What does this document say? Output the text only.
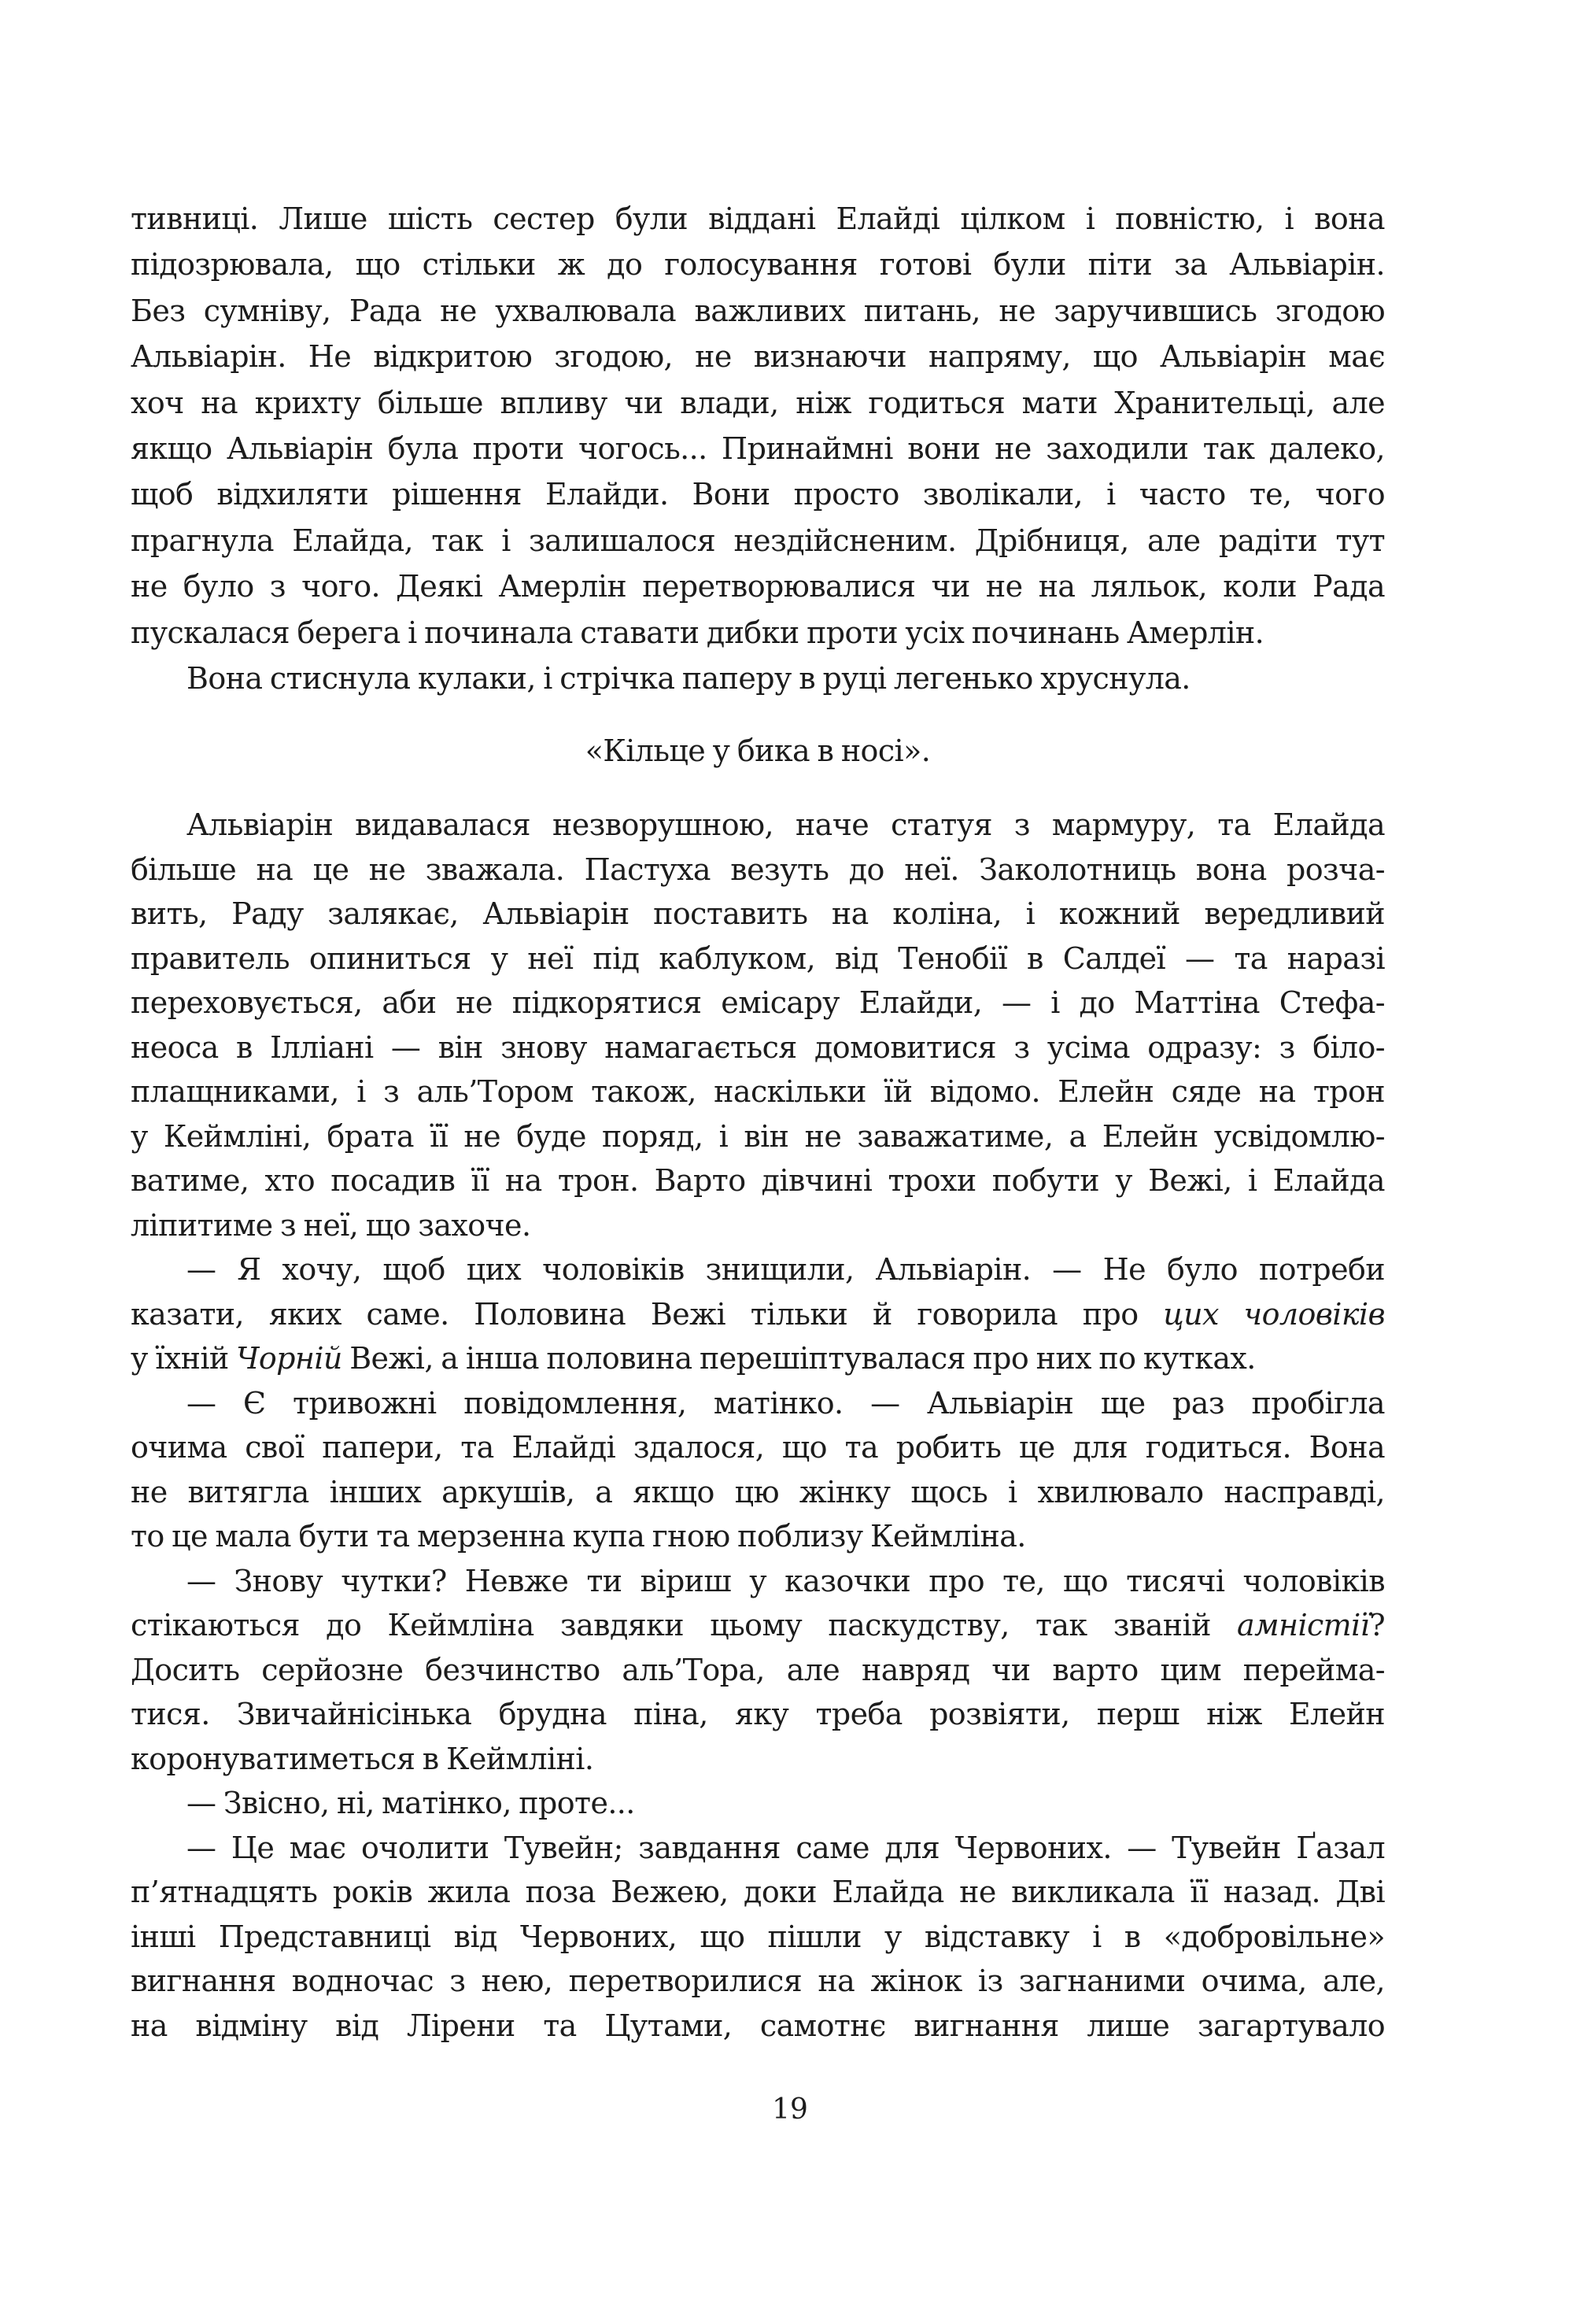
тивниці. Лише шість сестер були віддані Елайді цілком і повністю, і вона
підозрювала, що стільки ж до голосування готові були піти за Альвіарін.
Без сумніву, Рада не ухвалювала важливих питань, не заручившись згодою
Альвіарін. Не відкритою згодою, не визнаючи напряму, що Альвіарін має
хоч на крихту більше впливу чи влади, ніж годиться мати Хранительці, але
якщо Альвіарін була проти чогось... Принаймні вони не заходили так далеко,
щоб відхиляти рішення Елайди. Вони просто зволікали, і часто те, чого
прагнула Елайда, так і залишалося нездійсненим. Дрібниця, але радіти тут
не було з чого. Деякі Амерлін перетворювалися чи не на ляльок, коли Рада
пускалася берега і починала ставати дибки проти усіх починань Амерлін.
Вона стиснула кулаки, і стрічка паперу в руці легенько хруснула.
«Кільце у бика в носі».
Альвіарін видавалася незворушною, наче статуя з мармуру, та Елайда
більше на це не зважала. Пастуха везуть до неї. Заколотниць вона розча-
вить, Раду залякає, Альвіарін поставить на коліна, і кожний вередливий
правитель опиниться у неї під каблуком, від Тенобії в Салдеї — та наразі
переховується, аби не підкорятися емісару Елайди, — і до Маттіна Стефа-
неоса в Ілліані — він знову намагається домовитися з усіма одразу: з біло-
плащниками, і з аль’Тором також, наскільки їй відомо. Елейн сяде на трон
у Кеймліні, брата її не буде поряд, і він не заважатиме, а Елейн усвідомлю-
ватиме, хто посадив її на трон. Варто дівчині трохи побути у Вежі, і Елайда
ліпитиме з неї, що захоче.
— Я хочу, щоб цих чоловіків знищили, Альвіарін. — Не було потреби
казати, яких саме. Половина Вежі тільки й говорила про цих чоловіків
у їхній Чорній Вежі, а інша половина перешіптувалася про них по кутках.
— Є тривожні повідомлення, матінко. — Альвіарін ще раз пробігла
очима свої папери, та Елайді здалося, що та робить це для годиться. Вона
не витягла інших аркушів, а якщо цю жінку щось і хвилювало насправді,
то це мала бути та мерзенна купа гною поблизу Кеймліна.
— Знову чутки? Невже ти віриш у казочки про те, що тисячі чоловіків
стікаються до Кеймліна завдяки цьому паскудству, так званій амністії?
Досить серйозне безчинство аль’Тора, але навряд чи варто цим перейма-
тися. Звичайнісінька брудна піна, яку треба розвіяти, перш ніж Елейн
коронуватиметься в Кеймліні.
— Звісно, ні, матінко, проте...
— Це має очолити Тувейн; завдання саме для Червоних. — Тувейн Ґазал
п’ятнадцять років жила поза Вежею, доки Елайда не викликала її назад. Дві
інші Представниці від Червоних, що пішли у відставку і в «добровільне»
вигнання водночас з нею, перетворилися на жінок із загнаними очима, але,
на відміну від Лірени та Цутами, самотнє вигнання лише загартувало
19
